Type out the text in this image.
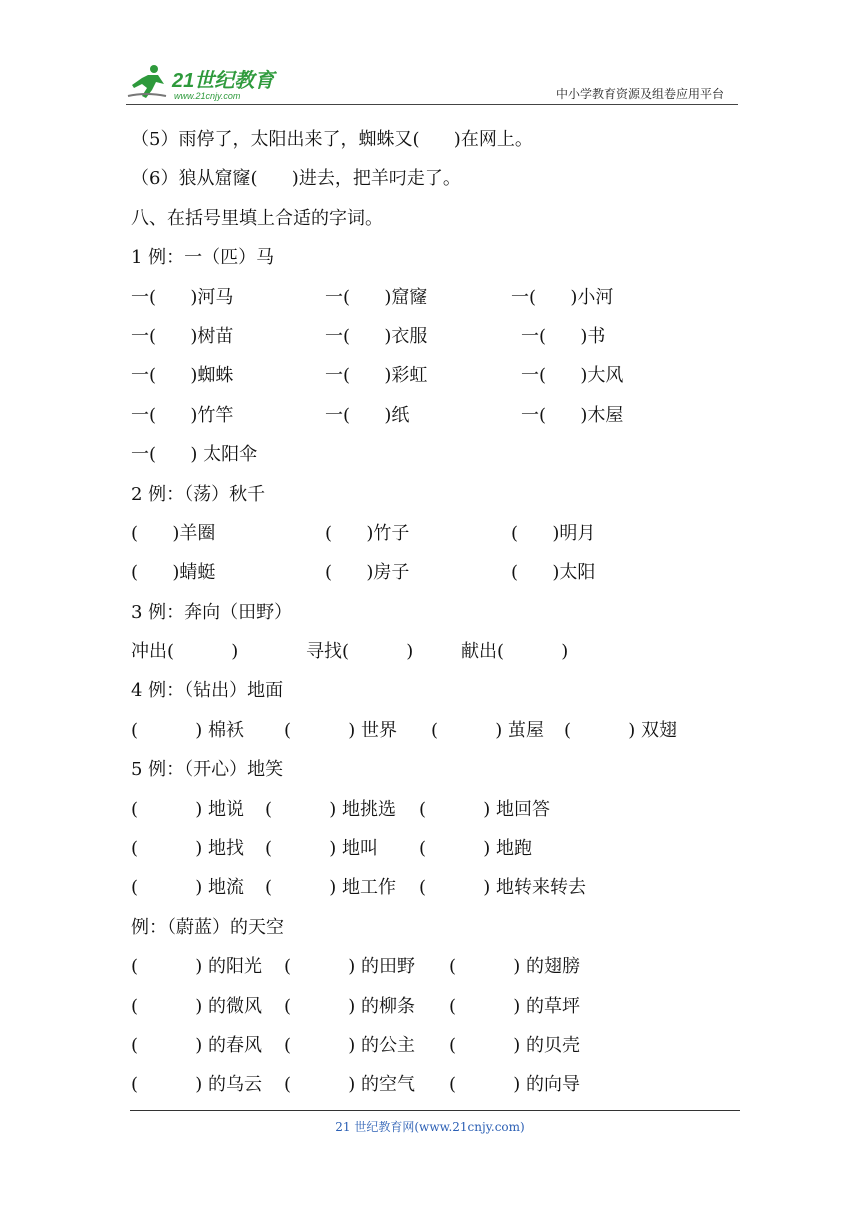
21世纪教育
www.21cnjy.com	中小学教育资源及组卷应用平台
（5）雨停了，太阳出来了，蜘蛛又(      )在网上。
（6）狼从窟窿(      )进去，把羊叼走了。
八、在括号里填上合适的字词。
1 例：一（匹）马
一(      )河马	一(      )窟窿	一(      )小河
一(      )树苗	一(      )衣服	一(      )书
一(      )蜘蛛	一(      )彩虹	一(      )大风
一(      )竹竿	一(      )纸	一(      )木屋
一(      ) 太阳伞
2 例：（荡）秋千
(      )羊圈	(      )竹子	(      )明月
(      )蜻蜓	(      )房子	(      )太阳
3 例：奔向（田野）
冲出(          )	寻找(          )	献出(          )
4 例：（钻出）地面
(          ) 棉袄 (          ) 世界 (          ) 茧屋 (          ) 双翅
5 例：（开心）地笑
(          ) 地说 (          ) 地挑选 (          ) 地回答
(          ) 地找 (          ) 地叫 (          ) 地跑
(          ) 地流 (          ) 地工作 (          ) 地转来转去
例：（蔚蓝）的天空
(          ) 的阳光 (          ) 的田野 (          ) 的翅膀
(          ) 的微风 (          ) 的柳条 (          ) 的草坪
(          ) 的春风 (          ) 的公主 (          ) 的贝壳
(          ) 的乌云 (          ) 的空气 (          ) 的向导
21 世纪教育网(www.21cnjy.com)
